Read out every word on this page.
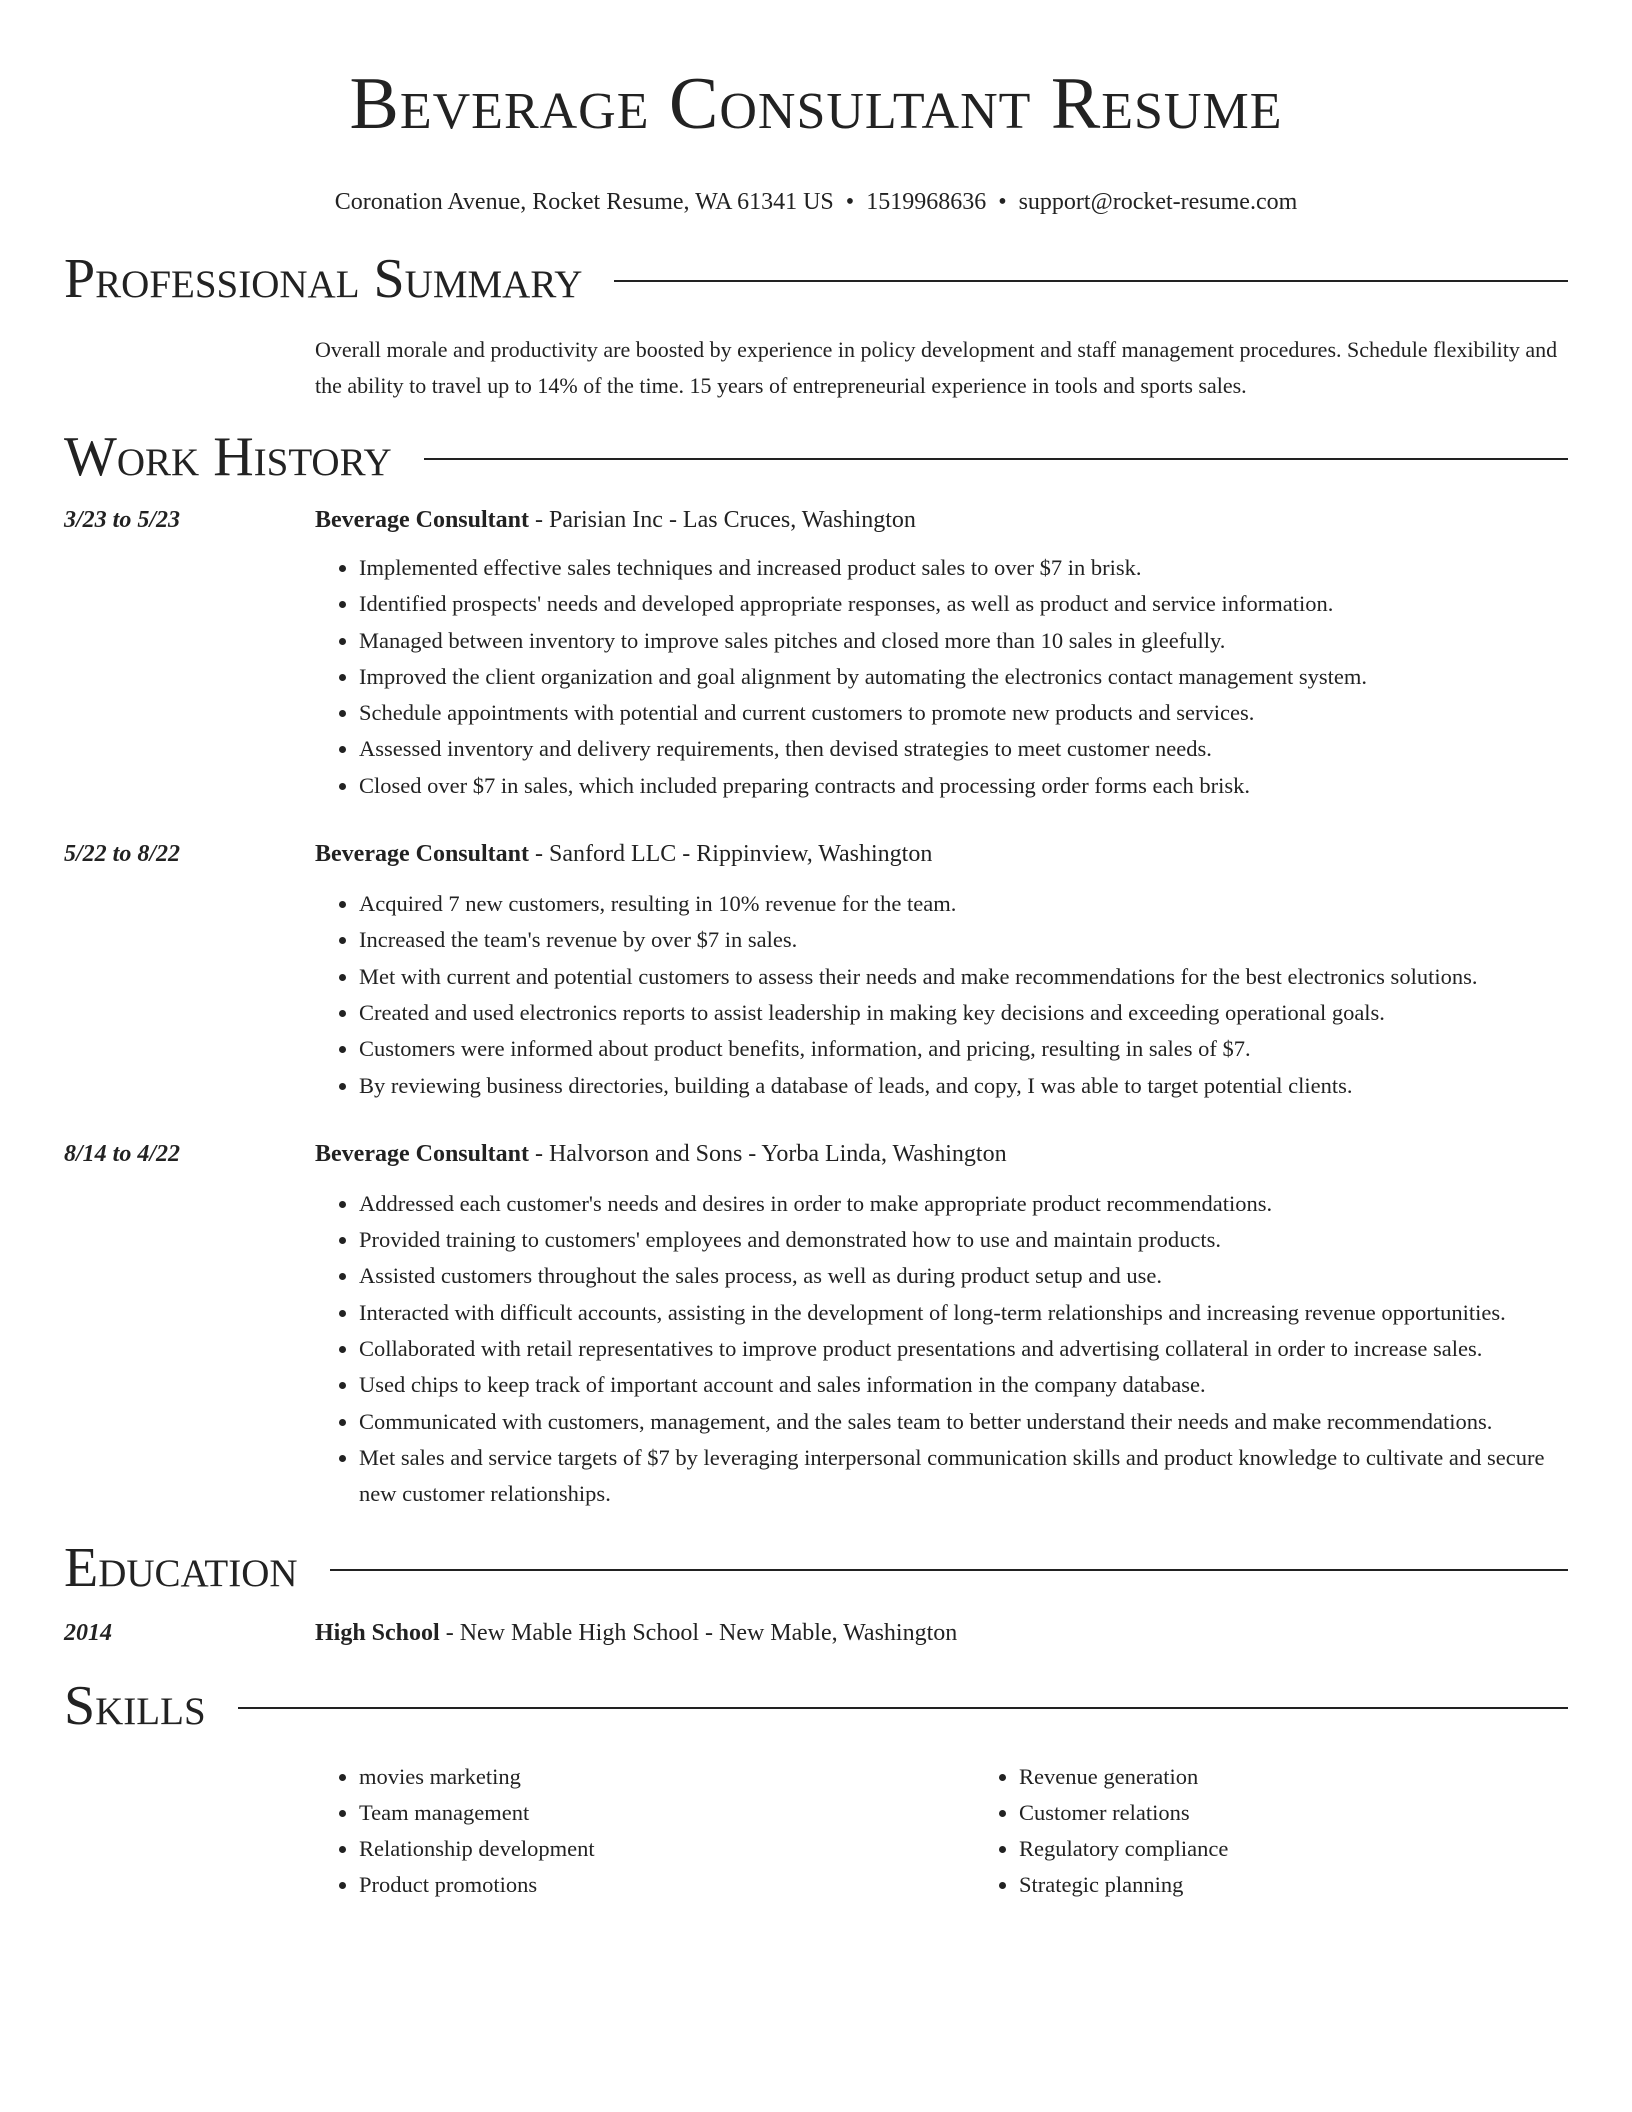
Beverage Consultant Resume
Coronation Avenue, Rocket Resume, WA 61341 US • 1519968636 • support@rocket-resume.com
Professional Summary
Overall morale and productivity are boosted by experience in policy development and staff management procedures. Schedule flexibility and the ability to travel up to 14% of the time. 15 years of entrepreneurial experience in tools and sports sales.
Work History
3/23 to 5/23	Beverage Consultant - Parisian Inc - Las Cruces, Washington
• Implemented effective sales techniques and increased product sales to over $7 in brisk.
• Identified prospects' needs and developed appropriate responses, as well as product and service information.
• Managed between inventory to improve sales pitches and closed more than 10 sales in gleefully.
• Improved the client organization and goal alignment by automating the electronics contact management system.
• Schedule appointments with potential and current customers to promote new products and services.
• Assessed inventory and delivery requirements, then devised strategies to meet customer needs.
• Closed over $7 in sales, which included preparing contracts and processing order forms each brisk.
5/22 to 8/22	Beverage Consultant - Sanford LLC - Rippinview, Washington
• Acquired 7 new customers, resulting in 10% revenue for the team.
• Increased the team's revenue by over $7 in sales.
• Met with current and potential customers to assess their needs and make recommendations for the best electronics solutions.
• Created and used electronics reports to assist leadership in making key decisions and exceeding operational goals.
• Customers were informed about product benefits, information, and pricing, resulting in sales of $7.
• By reviewing business directories, building a database of leads, and copy, I was able to target potential clients.
8/14 to 4/22	Beverage Consultant - Halvorson and Sons - Yorba Linda, Washington
• Addressed each customer's needs and desires in order to make appropriate product recommendations.
• Provided training to customers' employees and demonstrated how to use and maintain products.
• Assisted customers throughout the sales process, as well as during product setup and use.
• Interacted with difficult accounts, assisting in the development of long-term relationships and increasing revenue opportunities.
• Collaborated with retail representatives to improve product presentations and advertising collateral in order to increase sales.
• Used chips to keep track of important account and sales information in the company database.
• Communicated with customers, management, and the sales team to better understand their needs and make recommendations.
• Met sales and service targets of $7 by leveraging interpersonal communication skills and product knowledge to cultivate and secure new customer relationships.
Education
2014	High School - New Mable High School - New Mable, Washington
Skills
• movies marketing
• Team management
• Relationship development
• Product promotions
• Revenue generation
• Customer relations
• Regulatory compliance
• Strategic planning
